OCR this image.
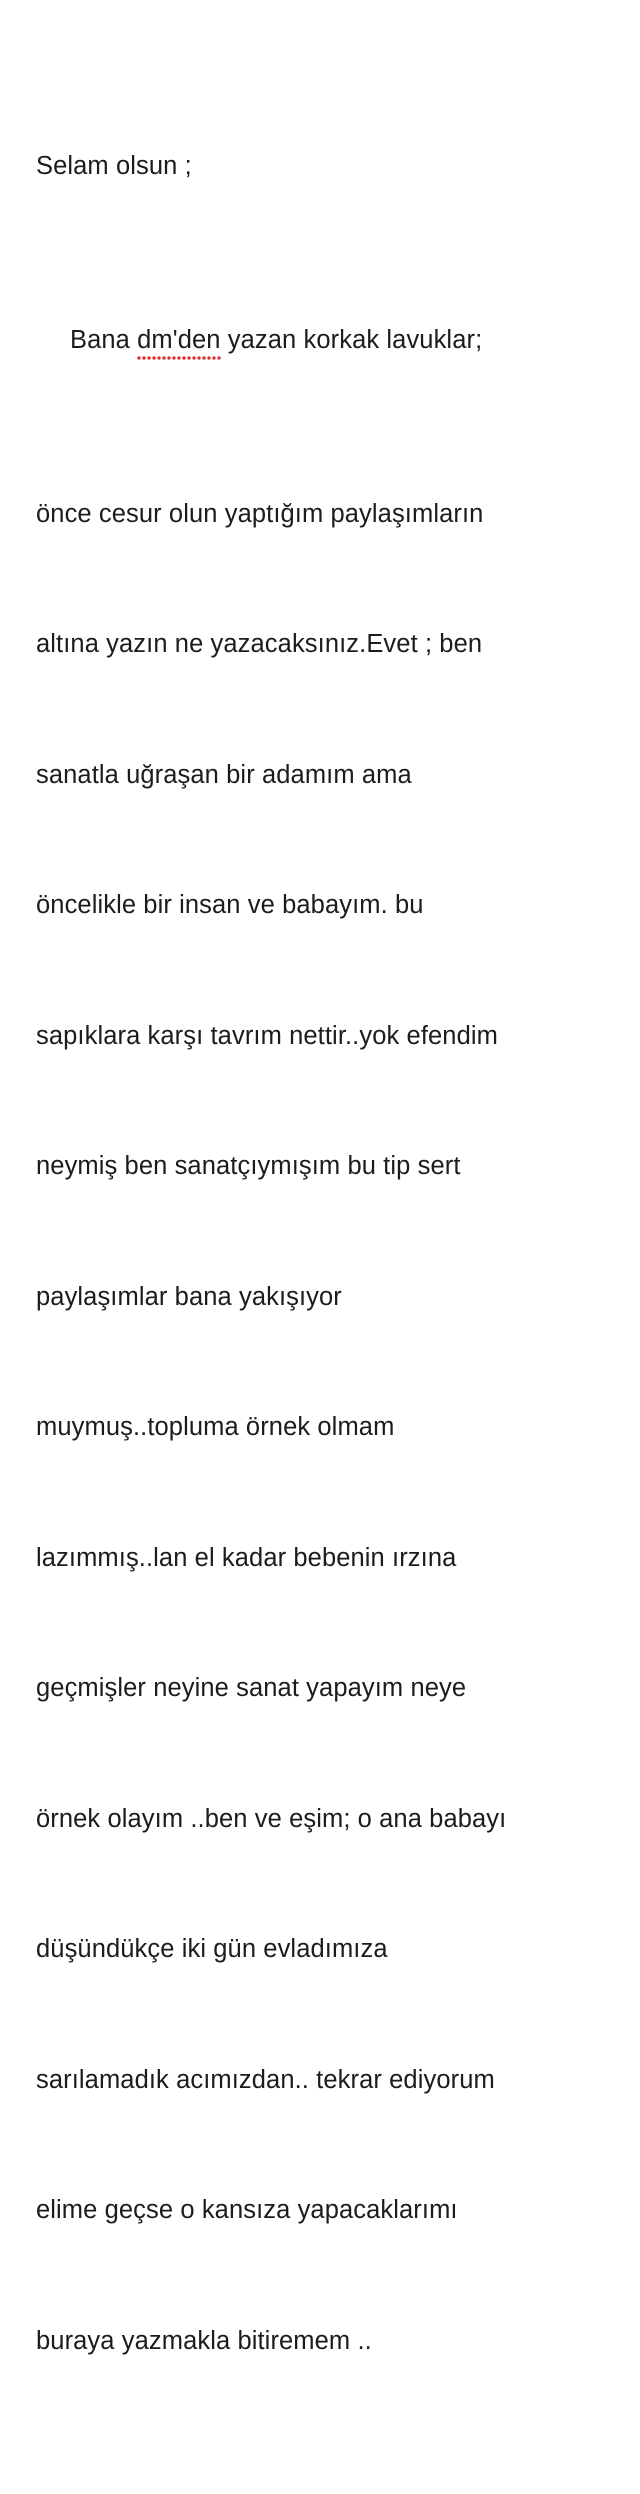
Selam olsun ;

Bana dm'den yazan korkak lavuklar;

önce cesur olun yaptığım paylaşımların

altına yazın ne yazacaksınız.Evet ; ben

sanatla uğraşan bir adamım ama

öncelikle bir insan ve babayım. bu

sapıklara karşı tavrım nettir..yok efendim

neymiş ben sanatçıymışım bu tip sert

paylaşımlar bana yakışıyor

muymuş..topluma örnek olmam

lazımmış..lan el kadar bebenin ırzına

geçmişler neyine sanat yapayım neye

örnek olayım ..ben ve eşim; o ana babayı

düşündükçe iki gün evladımıza

sarılamadık acımızdan.. tekrar ediyorum

elime geçse o kansıza yapacaklarımı

buraya yazmakla bitiremem ..
